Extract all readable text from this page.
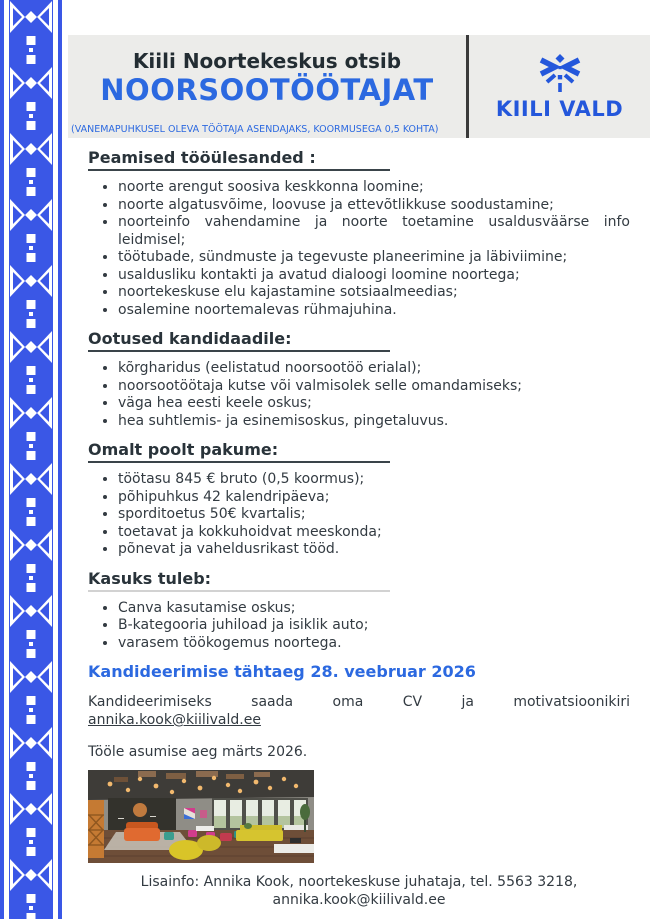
Kiili Noortekeskus otsib
NOORSOOTÖÖTAJAT
(VANEMAPUHKUSEL OLEVA TÖÖTAJA ASENDAJAKS, KOORMUSEGA 0,5 KOHTA)
KIILI VALD
Peamised tööülesanded :
• noorte arengut soosiva keskkonna loomine;
• noorte algatusvõime, loovuse ja ettevõtlikkuse soodustamine;
• noorteinfo vahendamine ja noorte toetamine usaldusväärse info leidmisel;
• töötubade, sündmuste ja tegevuste planeerimine ja läbiviimine;
• usaldusliku kontakti ja avatud dialoogi loomine noortega;
• noortekeskuse elu kajastamine sotsiaalmeedias;
• osalemine noortemalevas rühmajuhina.
Ootused kandidaadile:
• kõrgharidus (eelistatud noorsootöö erialal);
• noorsootöötaja kutse või valmisolek selle omandamiseks;
• väga hea eesti keele oskus;
• hea suhtlemis- ja esinemisoskus, pingetaluvus.
Omalt poolt pakume:
• töötasu 845 € bruto (0,5 koormus);
• põhipuhkus 42 kalendripäeva;
• sporditoetus 50€ kvartalis;
• toetavat ja kokkuhoidvat meeskonda;
• põnevat ja vaheldusrikast tööd.
Kasuks tuleb:
• Canva kasutamise oskus;
• B-kategooria juhiload ja isiklik auto;
• varasem töökogemus noortega.
Kandideerimise tähtaeg 28. veebruar 2026

Kandideerimiseks saada oma CV ja motivatsioonikiri annika.kook@kiilivald.ee

Tööle asumise aeg märts 2026.
Lisainfo: Annika Kook, noortekeskuse juhataja, tel. 5563 3218,
annika.kook@kiilivald.ee
